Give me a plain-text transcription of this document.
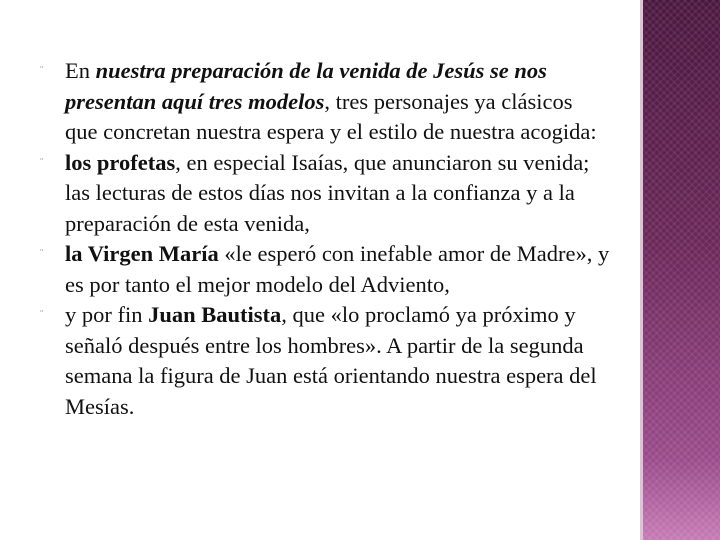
¨ En nuestra preparación de la venida de Jesús se nos presentan aquí tres modelos, tres personajes ya clásicos que concretan nuestra espera y el estilo de nuestra acogida:
¨ los profetas, en especial Isaías, que anunciaron su venida; las lecturas de estos días nos invitan a la confianza y a la preparación de esta venida,
¨ la Virgen María «le esperó con inefable amor de Madre», y es por tanto el mejor modelo del Adviento,
¨ y por fin Juan Bautista, que «lo proclamó ya próximo y señaló después entre los hombres». A partir de la segunda semana la figura de Juan está orientando nuestra espera del Mesías.
